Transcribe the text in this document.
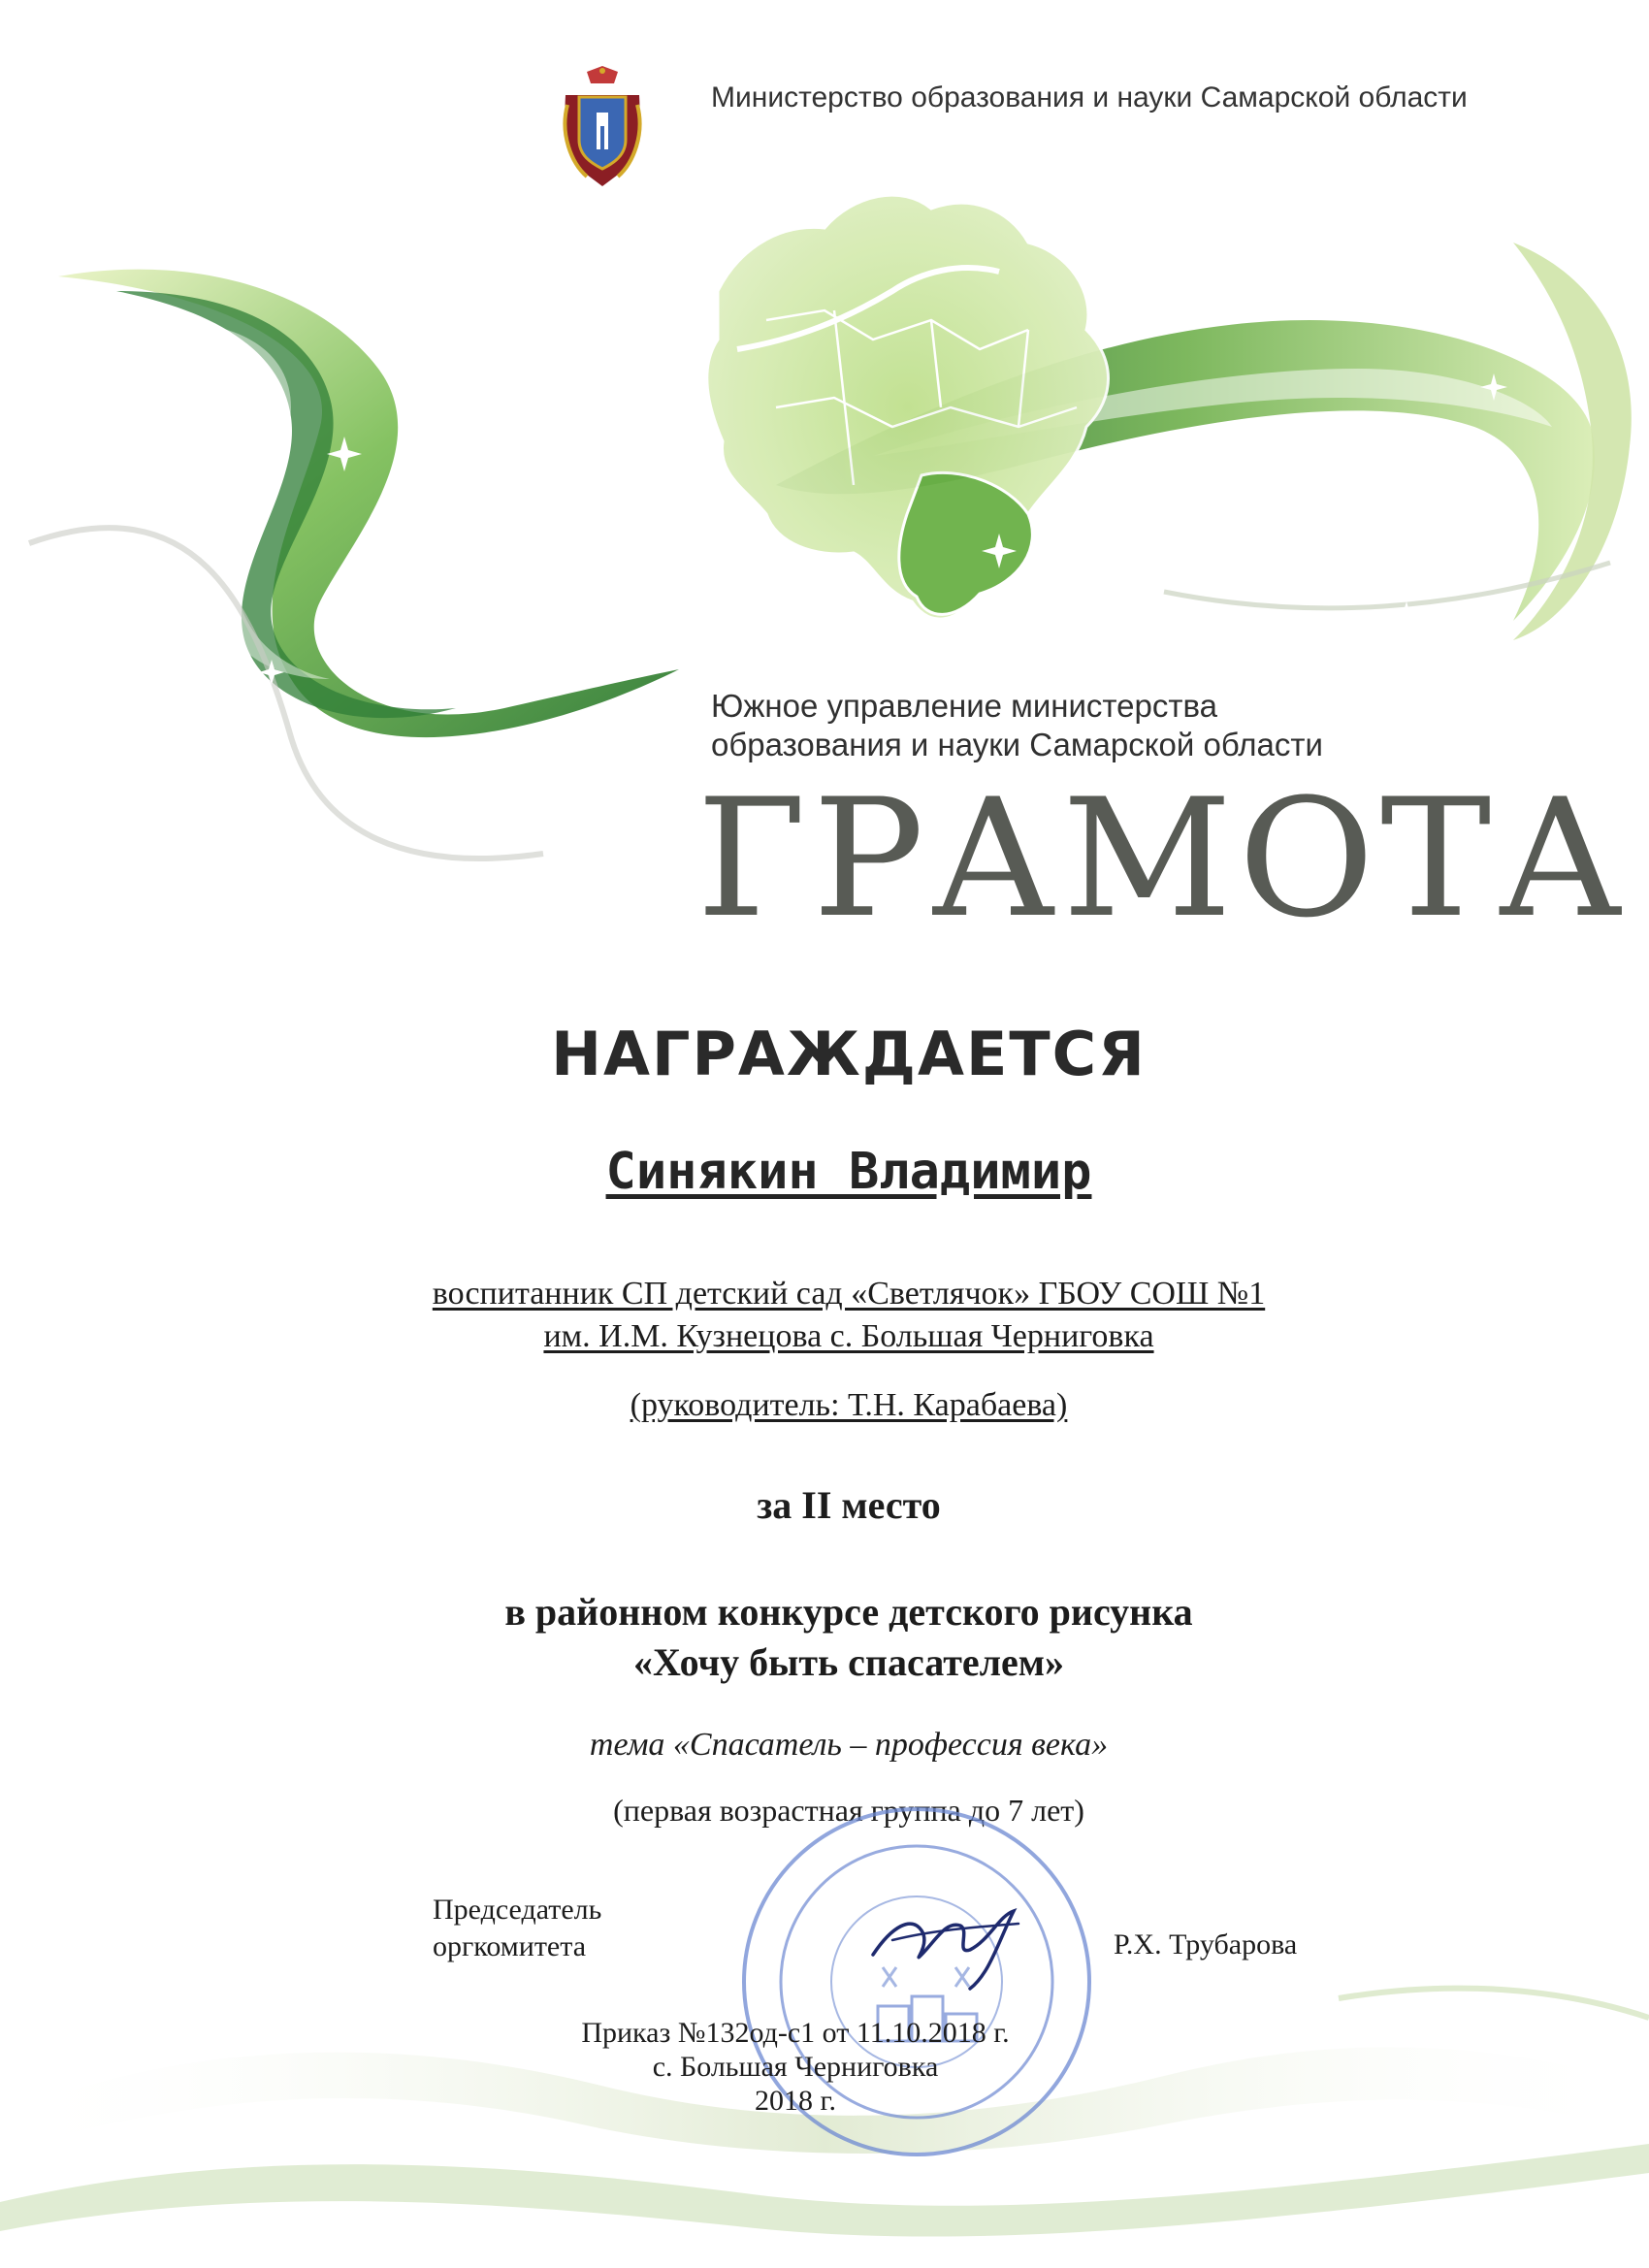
Министерство образования и науки Самарской области
Южное управление министерства
образования и науки Самарской области
ГРАМОТА
НАГРАЖДАЕТСЯ
Синякин Владимир
воспитанник СП детский сад «Светлячок» ГБОУ СОШ №1
им. И.М. Кузнецова с. Большая Черниговка
(руководитель: Т.Н. Карабаева)
за II место
в районном конкурсе детского рисунка
«Хочу быть спасателем»
тема «Спасатель – профессия века»
(первая возрастная группа до 7 лет)
Председатель
оргкомитета	Р.Х. Трубарова
Приказ №132од-с1 от 11.10.2018 г.
с. Большая Черниговка
2018 г.
